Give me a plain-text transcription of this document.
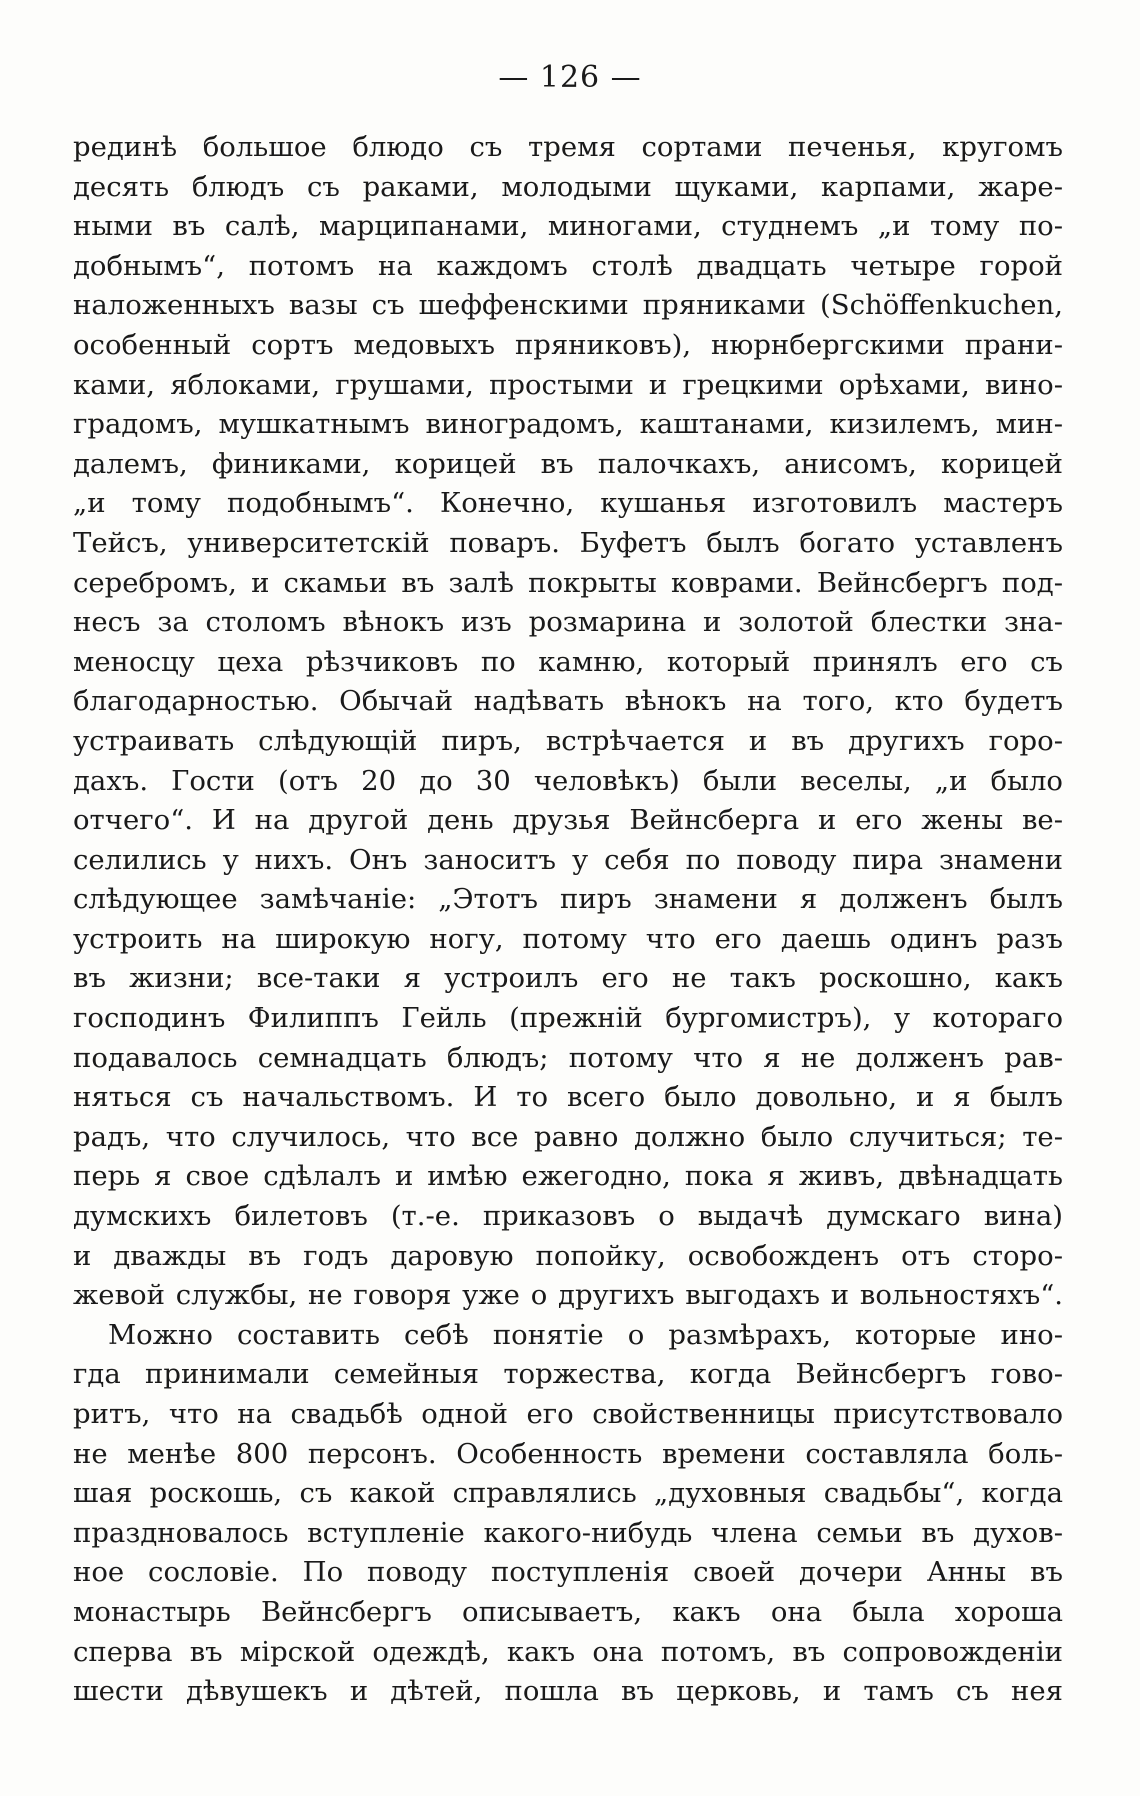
— 126 —
рединѣ большое блюдо съ тремя сортами печенья, кругомъ
десять блюдъ съ раками, молодыми щуками, карпами, жаре-
ными въ салѣ, марципанами, миногами, студнемъ „и тому по-
добнымъ“, потомъ на каждомъ столѣ двадцать четыре горой
наложенныхъ вазы съ шеффенскими пряниками (Schöffenkuchen,
особенный сортъ медовыхъ пряниковъ), нюрнбергскими прани-
ками, яблоками, грушами, простыми и грецкими орѣхами, вино-
градомъ, мушкатнымъ виноградомъ, каштанами, кизилемъ, мин-
далемъ, финиками, корицей въ палочкахъ, анисомъ, корицей
„и тому подобнымъ“. Конечно, кушанья изготовилъ мастеръ
Тейсъ, университетскій поваръ. Буфетъ былъ богато уставленъ
серебромъ, и скамьи въ залѣ покрыты коврами. Вейнсбергъ под-
несъ за столомъ вѣнокъ изъ розмарина и золотой блестки зна-
меносцу цеха рѣзчиковъ по камню, который принялъ его съ
благодарностью. Обычай надѣвать вѣнокъ на того, кто будетъ
устраивать слѣдующій пиръ, встрѣчается и въ другихъ горо-
дахъ. Гости (отъ 20 до 30 человѣкъ) были веселы, „и было
отчего“. И на другой день друзья Вейнсберга и его жены ве-
селились у нихъ. Онъ заноситъ у себя по поводу пира знамени
слѣдующее замѣчаніе: „Этотъ пиръ знамени я долженъ былъ
устроить на широкую ногу, потому что его даешь одинъ разъ
въ жизни; все-таки я устроилъ его не такъ роскошно, какъ
господинъ Филиппъ Гейль (прежній бургомистръ), у котораго
подавалось семнадцать блюдъ; потому что я не долженъ рав-
няться съ начальствомъ. И то всего было довольно, и я былъ
радъ, что случилось, что все равно должно было случиться; те-
перь я свое сдѣлалъ и имѣю ежегодно, пока я живъ, двѣнадцать
думскихъ билетовъ (т.-е. приказовъ о выдачѣ думскаго вина)
и дважды въ годъ даровую попойку, освобожденъ отъ сторо-
жевой службы, не говоря уже о другихъ выгодахъ и вольностяхъ“.
Можно составить себѣ понятіе о размѣрахъ, которые ино-
гда принимали семейныя торжества, когда Вейнсбергъ гово-
ритъ, что на свадьбѣ одной его свойственницы присутствовало
не менѣе 800 персонъ. Особенность времени составляла боль-
шая роскошь, съ какой справлялись „духовныя свадьбы“, когда
праздновалось вступленіе какого-нибудь члена семьи въ духов-
ное сословіе. По поводу поступленія своей дочери Анны въ
монастырь Вейнсбергъ описываетъ, какъ она была хороша
сперва въ мірской одеждѣ, какъ она потомъ, въ сопровожденіи
шести дѣвушекъ и дѣтей, пошла въ церковь, и тамъ съ нея
